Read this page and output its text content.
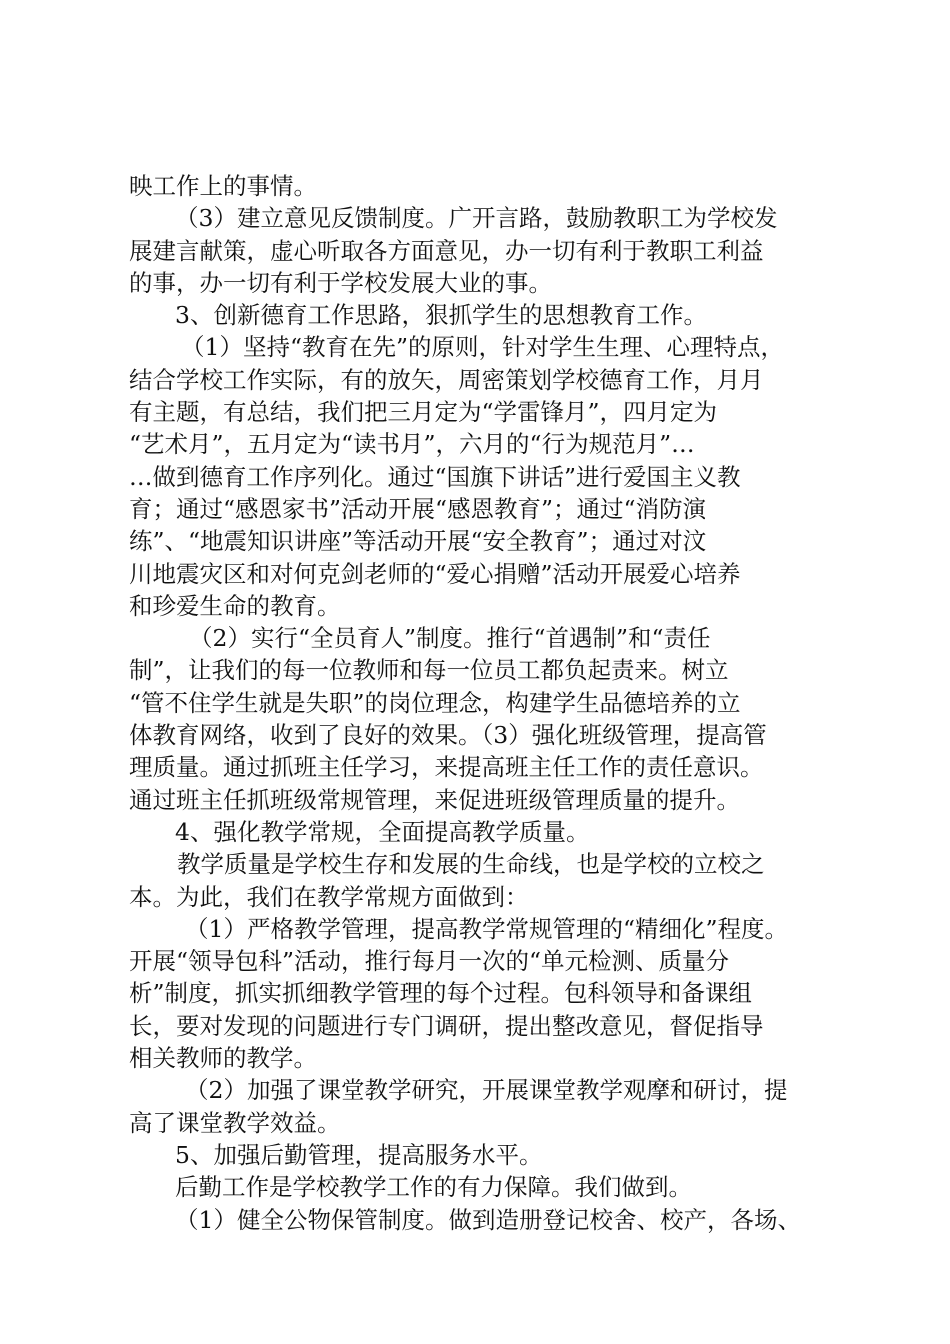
映工作上的事情。
（3）建立意见反馈制度。广开言路，鼓励教职工为学校发
展建言献策，虚心听取各方面意见，办一切有利于教职工利益
的事，办一切有利于学校发展大业的事。
3、创新德育工作思路，狠抓学生的思想教育工作。
（1）坚持“教育在先”的原则，针对学生生理、心理特点，
结合学校工作实际，有的放矢，周密策划学校德育工作，月月
有主题，有总结，我们把三月定为“学雷锋月”，四月定为
“艺术月”，五月定为“读书月”，六月的“行为规范月”…
…做到德育工作序列化。通过“国旗下讲话”进行爱国主义教
育；通过“感恩家书”活动开展“感恩教育”；通过“消防演
练”、“地震知识讲座”等活动开展“安全教育”；通过对汶
川地震灾区和对何克剑老师的“爱心捐赠”活动开展爱心培养
和珍爱生命的教育。
（2）实行“全员育人”制度。推行“首遇制”和“责任
制”，让我们的每一位教师和每一位员工都负起责来。树立
“管不住学生就是失职”的岗位理念，构建学生品德培养的立
体教育网络，收到了良好的效果。（3）强化班级管理，提高管
理质量。通过抓班主任学习，来提高班主任工作的责任意识。
通过班主任抓班级常规管理，来促进班级管理质量的提升。
4、强化教学常规，全面提高教学质量。
教学质量是学校生存和发展的生命线，也是学校的立校之
本。为此，我们在教学常规方面做到：
（1）严格教学管理，提高教学常规管理的“精细化”程度。
开展“领导包科”活动，推行每月一次的“单元检测、质量分
析”制度，抓实抓细教学管理的每个过程。包科领导和备课组
长，要对发现的问题进行专门调研，提出整改意见，督促指导
相关教师的教学。
（2）加强了课堂教学研究，开展课堂教学观摩和研讨，提
高了课堂教学效益。
5、加强后勤管理，提高服务水平。
后勤工作是学校教学工作的有力保障。我们做到。
（1）健全公物保管制度。做到造册登记校舍、校产，各场、
